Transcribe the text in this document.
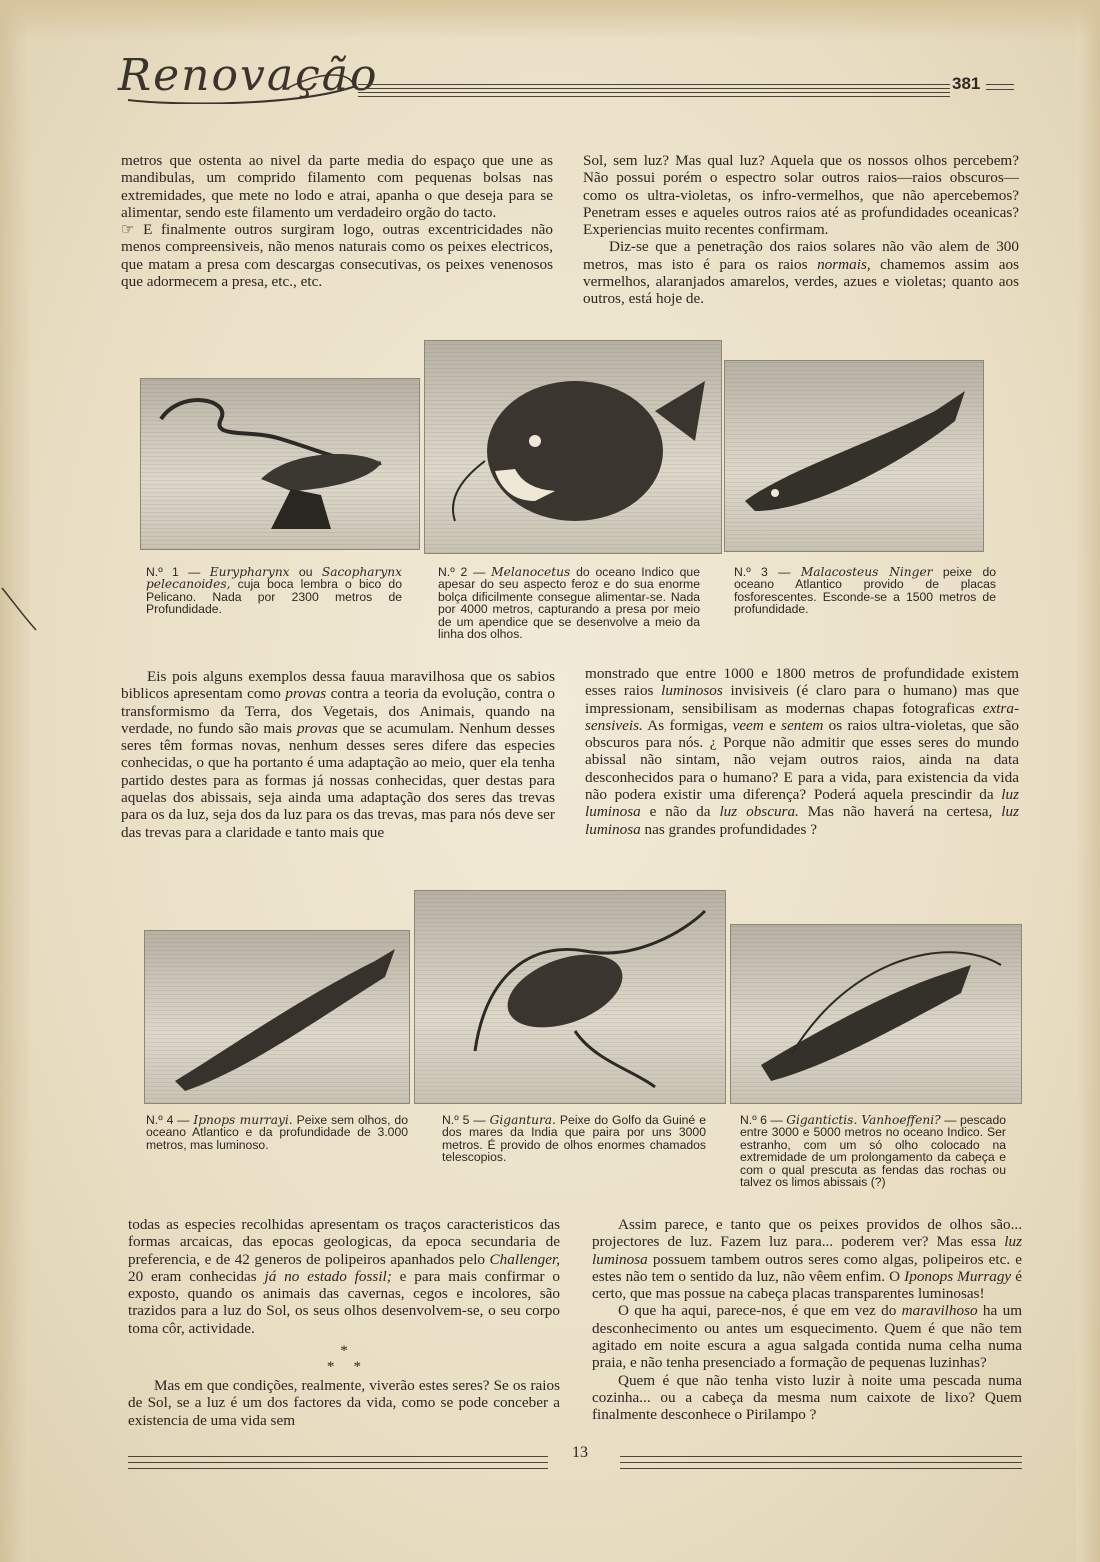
Renovação	381

metros que ostenta ao nivel da parte media do espaço que une as mandibulas, um comprido filamento com pequenas bolsas nas extremidades, que mete no lodo e atrai, apanha o que deseja para se alimentar, sendo este filamento um verdadeiro orgão do tacto.

☞ E finalmente outros surgiram logo, outras excentricidades não menos compreensiveis, não menos naturais como os peixes electricos, que matam a presa com descargas consecutivas, os peixes venenosos que adormecem a presa, etc., etc.

Sol, sem luz? Mas qual luz? Aquela que os nossos olhos percebem? Não possui porém o espectro solar outros raios—raios obscuros—como os ultra-violetas, os infro-vermelhos, que não apercebemos? Penetram esses e aqueles outros raios até as profundidades oceanicas? Experiencias muito recentes confirmam.

Diz-se que a penetração dos raios solares não vão alem de 300 metros, mas isto é para os raios normais, chamemos assim aos vermelhos, alaranjados amarelos, verdes, azues e violetas; quanto aos outros, está hoje de.

N.º 1 — Eurypharynx ou Sacopharynx pelecanoides, cuja boca lembra o bico do Pelicano. Nada por 2300 metros de Profundidade.
N.º 2 — Melanocetus do oceano Indico que apesar do seu aspecto feroz e do sua enorme bolça dificilmente consegue alimentar-se. Nada por 4000 metros, capturando a presa por meio de um apendice que se desenvolve a meio da linha dos olhos.
N.º 3 — Malacosteus Ninger peixe do oceano Atlantico provido de placas fosforescentes. Esconde-se a 1500 metros de profundidade.

Eis pois alguns exemplos dessa fauua maravilhosa que os sabios biblicos apresentam como provas contra a teoria da evolução, contra o transformismo da Terra, dos Vegetais, dos Animais, quando na verdade, no fundo são mais provas que se acumulam. Nenhum desses seres têm formas novas, nenhum desses seres difere das especies conhecidas, o que ha portanto é uma adaptação ao meio, quer ela tenha partido destes para as formas já nossas conhecidas, quer destas para aquelas dos abissais, seja ainda uma adaptação dos seres das trevas para os da luz, seja dos da luz para os das trevas, mas para nós deve ser das trevas para a claridade e tanto mais que

monstrado que entre 1000 e 1800 metros de profundidade existem esses raios luminosos invisiveis (é claro para o humano) mas que impressionam, sensibilisam as modernas chapas fotograficas extra-sensiveis. As formigas, veem e sentem os raios ultra-violetas, que são obscuros para nós. ¿ Porque não admitir que esses seres do mundo abissal não sintam, não vejam outros raios, ainda na data desconhecidos para o humano? E para a vida, para existencia da vida não podera existir uma diferença? Poderá aquela prescindir da luz luminosa e não da luz obscura. Mas não haverá na certesa, luz luminosa nas grandes profundidades ?

N.º 4 — Ipnops murrayi. Peixe sem olhos, do oceano Atlantico e da profundidade de 3.000 metros, mas luminoso.
N.º 5 — Gigantura. Peixe do Golfo da Guiné e dos mares da India que paira por uns 3000 metros. É provido de olhos enormes chamados telescopios.
N.º 6 — Gigantictis. Vanhoeffeni? — pescado entre 3000 e 5000 metros no oceano Indico. Ser estranho, com um só olho colocado na extremidade de um prolongamento da cabeça e com o qual prescuta as fendas das rochas ou talvez os limos abissais (?)

todas as especies recolhidas apresentam os traços caracteristicos das formas arcaicas, das epocas geologicas, da epoca secundaria de preferencia, e de 42 generos de polipeiros apanhados pelo Challenger, 20 eram conhecidas já no estado fossil; e para mais confirmar o exposto, quando os animais das cavernas, cegos e incolores, são trazidos para a luz do Sol, os seus olhos desenvolvem-se, o seu corpo toma côr, actividade.

*
*     *

Mas em que condições, realmente, viverão estes seres? Se os raios de Sol, se a luz é um dos factores da vida, como se pode conceber a existencia de uma vida sem

Assim parece, e tanto que os peixes providos de olhos são... projectores de luz. Fazem luz para... poderem ver? Mas essa luz luminosa possuem tambem outros seres como algas, polipeiros etc. e estes não tem o sentido da luz, não vêem enfim. O Iponops Murragy é certo, que mas possue na cabeça placas transparentes luminosas!

O que ha aqui, parece-nos, é que em vez do maravilhoso ha um desconhecimento ou antes um esquecimento. Quem é que não tem agitado em noite escura a agua salgada contida numa celha numa praia, e não tenha presenciado a formação de pequenas luzinhas?

Quem é que não tenha visto luzir à noite uma pescada numa cozinha... ou a cabeça da mesma num caixote de lixo? Quem finalmente desconhece o Pirilampo ?

13
